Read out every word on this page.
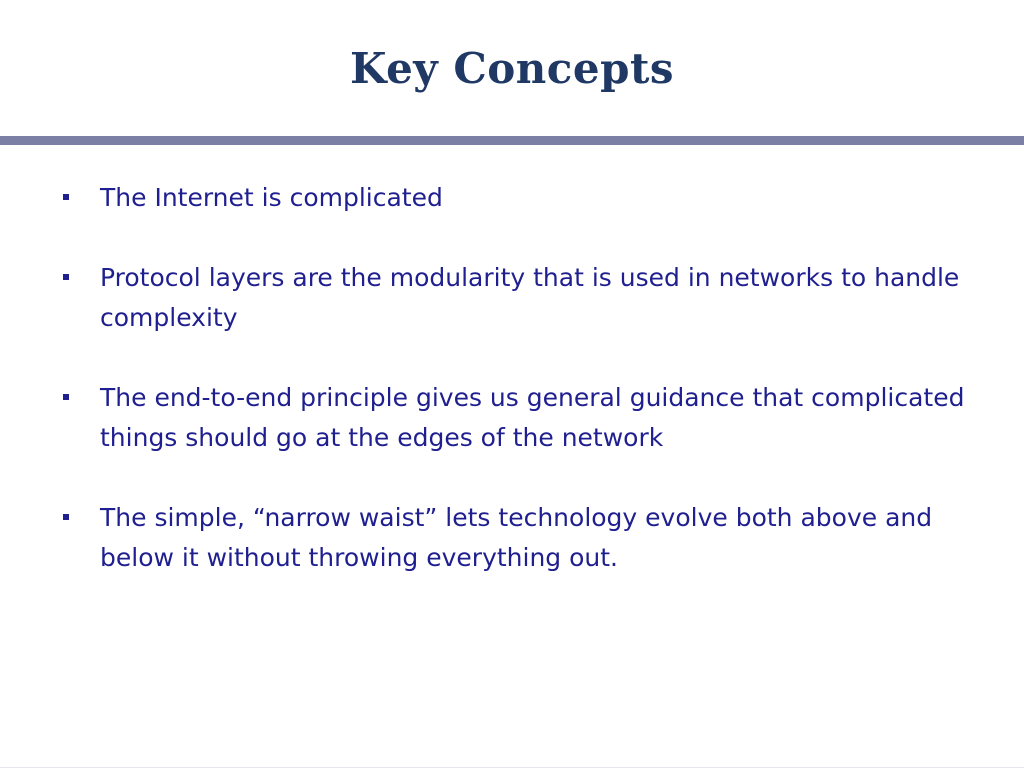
Key Concepts
The Internet is complicated
Protocol layers are the modularity that is used in networks to handle complexity
The end-to-end principle gives us general guidance that complicated things should go at the edges of the network
The simple, “narrow waist” lets technology evolve both above and below it without throwing everything out.
